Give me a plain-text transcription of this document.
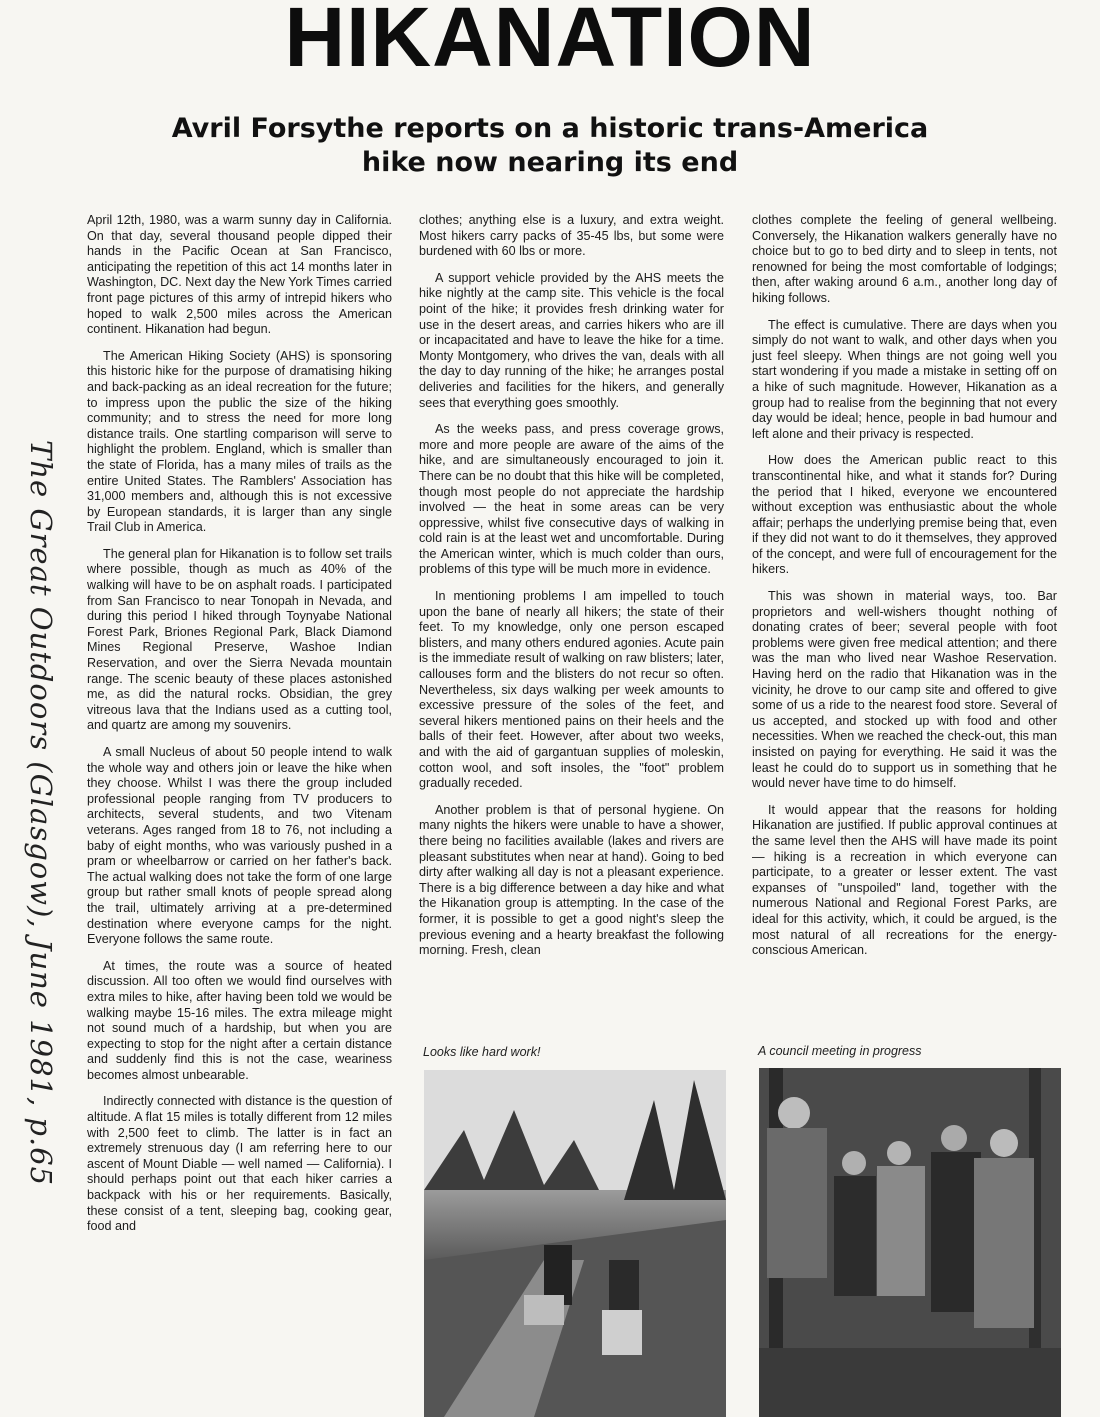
HIKANATION
Avril Forsythe reports on a historic trans-America hike now nearing its end
The Great Outdoors (Glasgow), June 1981, p.65

April 12th, 1980, was a warm sunny day in California. On that day, several thousand people dipped their hands in the Pacific Ocean at San Francisco, anticipating the repetition of this act 14 months later in Washington, DC. Next day the New York Times carried front page pictures of this army of intrepid hikers who hoped to walk 2,500 miles across the American continent. Hikanation had begun.

The American Hiking Society (AHS) is sponsoring this historic hike for the purpose of dramatising hiking and back-packing as an ideal recreation for the future; to impress upon the public the size of the hiking community; and to stress the need for more long distance trails. One startling comparison will serve to highlight the problem. England, which is smaller than the state of Florida, has a many miles of trails as the entire United States. The Ramblers' Association has 31,000 members and, although this is not excessive by European standards, it is larger than any single Trail Club in America.

The general plan for Hikanation is to follow set trails where possible, though as much as 40% of the walking will have to be on asphalt roads. I participated from San Francisco to near Tonopah in Nevada, and during this period I hiked through Toynyabe National Forest Park, Briones Regional Park, Black Diamond Mines Regional Preserve, Washoe Indian Reservation, and over the Sierra Nevada mountain range. The scenic beauty of these places astonished me, as did the natural rocks. Obsidian, the grey vitreous lava that the Indians used as a cutting tool, and quartz are among my souvenirs.

A small Nucleus of about 50 people intend to walk the whole way and others join or leave the hike when they choose. Whilst I was there the group included professional people ranging from TV producers to architects, several students, and two Vitenam veterans. Ages ranged from 18 to 76, not including a baby of eight months, who was variously pushed in a pram or wheelbarrow or carried on her father's back. The actual walking does not take the form of one large group but rather small knots of people spread along the trail, ultimately arriving at a pre-determined destination where everyone camps for the night. Everyone follows the same route.

At times, the route was a source of heated discussion. All too often we would find ourselves with extra miles to hike, after having been told we would be walking maybe 15-16 miles. The extra mileage might not sound much of a hardship, but when you are expecting to stop for the night after a certain distance and suddenly find this is not the case, weariness becomes almost unbearable.

Indirectly connected with distance is the question of altitude. A flat 15 miles is totally different from 12 miles with 2,500 feet to climb. The latter is in fact an extremely strenuous day (I am referring here to our ascent of Mount Diable — well named — California). I should perhaps point out that each hiker carries a backpack with his or her requirements. Basically, these consist of a tent, sleeping bag, cooking gear, food and

clothes; anything else is a luxury, and extra weight. Most hikers carry packs of 35-45 lbs, but some were burdened with 60 lbs or more.

A support vehicle provided by the AHS meets the hike nightly at the camp site. This vehicle is the focal point of the hike; it provides fresh drinking water for use in the desert areas, and carries hikers who are ill or incapacitated and have to leave the hike for a time. Monty Montgomery, who drives the van, deals with all the day to day running of the hike; he arranges postal deliveries and facilities for the hikers, and generally sees that everything goes smoothly.

As the weeks pass, and press coverage grows, more and more people are aware of the aims of the hike, and are simultaneously encouraged to join it. There can be no doubt that this hike will be completed, though most people do not appreciate the hardship involved — the heat in some areas can be very oppressive, whilst five consecutive days of walking in cold rain is at the least wet and uncomfortable. During the American winter, which is much colder than ours, problems of this type will be much more in evidence.

In mentioning problems I am impelled to touch upon the bane of nearly all hikers; the state of their feet. To my knowledge, only one person escaped blisters, and many others endured agonies. Acute pain is the immediate result of walking on raw blisters; later, callouses form and the blisters do not recur so often. Nevertheless, six days walking per week amounts to excessive pressure of the soles of the feet, and several hikers mentioned pains on their heels and the balls of their feet. However, after about two weeks, and with the aid of gargantuan supplies of moleskin, cotton wool, and soft insoles, the "foot" problem gradually receded.

Another problem is that of personal hygiene. On many nights the hikers were unable to have a shower, there being no facilities available (lakes and rivers are pleasant substitutes when near at hand). Going to bed dirty after walking all day is not a pleasant experience. There is a big difference between a day hike and what the Hikanation group is attempting. In the case of the former, it is possible to get a good night's sleep the previous evening and a hearty breakfast the following morning. Fresh, clean

clothes complete the feeling of general wellbeing. Conversely, the Hikanation walkers generally have no choice but to go to bed dirty and to sleep in tents, not renowned for being the most comfortable of lodgings; then, after waking around 6 a.m., another long day of hiking follows.

The effect is cumulative. There are days when you simply do not want to walk, and other days when you just feel sleepy. When things are not going well you start wondering if you made a mistake in setting off on a hike of such magnitude. However, Hikanation as a group had to realise from the beginning that not every day would be ideal; hence, people in bad humour and left alone and their privacy is respected.

How does the American public react to this transcontinental hike, and what it stands for? During the period that I hiked, everyone we encountered without exception was enthusiastic about the whole affair; perhaps the underlying premise being that, even if they did not want to do it themselves, they approved of the concept, and were full of encouragement for the hikers.

This was shown in material ways, too. Bar proprietors and well-wishers thought nothing of donating crates of beer; several people with foot problems were given free medical attention; and there was the man who lived near Washoe Reservation. Having herd on the radio that Hikanation was in the vicinity, he drove to our camp site and offered to give some of us a ride to the nearest food store. Several of us accepted, and stocked up with food and other necessities. When we reached the check-out, this man insisted on paying for everything. He said it was the least he could do to support us in something that he would never have time to do himself.

It would appear that the reasons for holding Hikanation are justified. If public approval continues at the same level then the AHS will have made its point — hiking is a recreation in which everyone can participate, to a greater or lesser extent. The vast expanses of "unspoiled" land, together with the numerous National and Regional Forest Parks, are ideal for this activity, which, it could be argued, is the most natural of all recreations for the energy-conscious American.

Looks like hard work!	A council meeting in progress
